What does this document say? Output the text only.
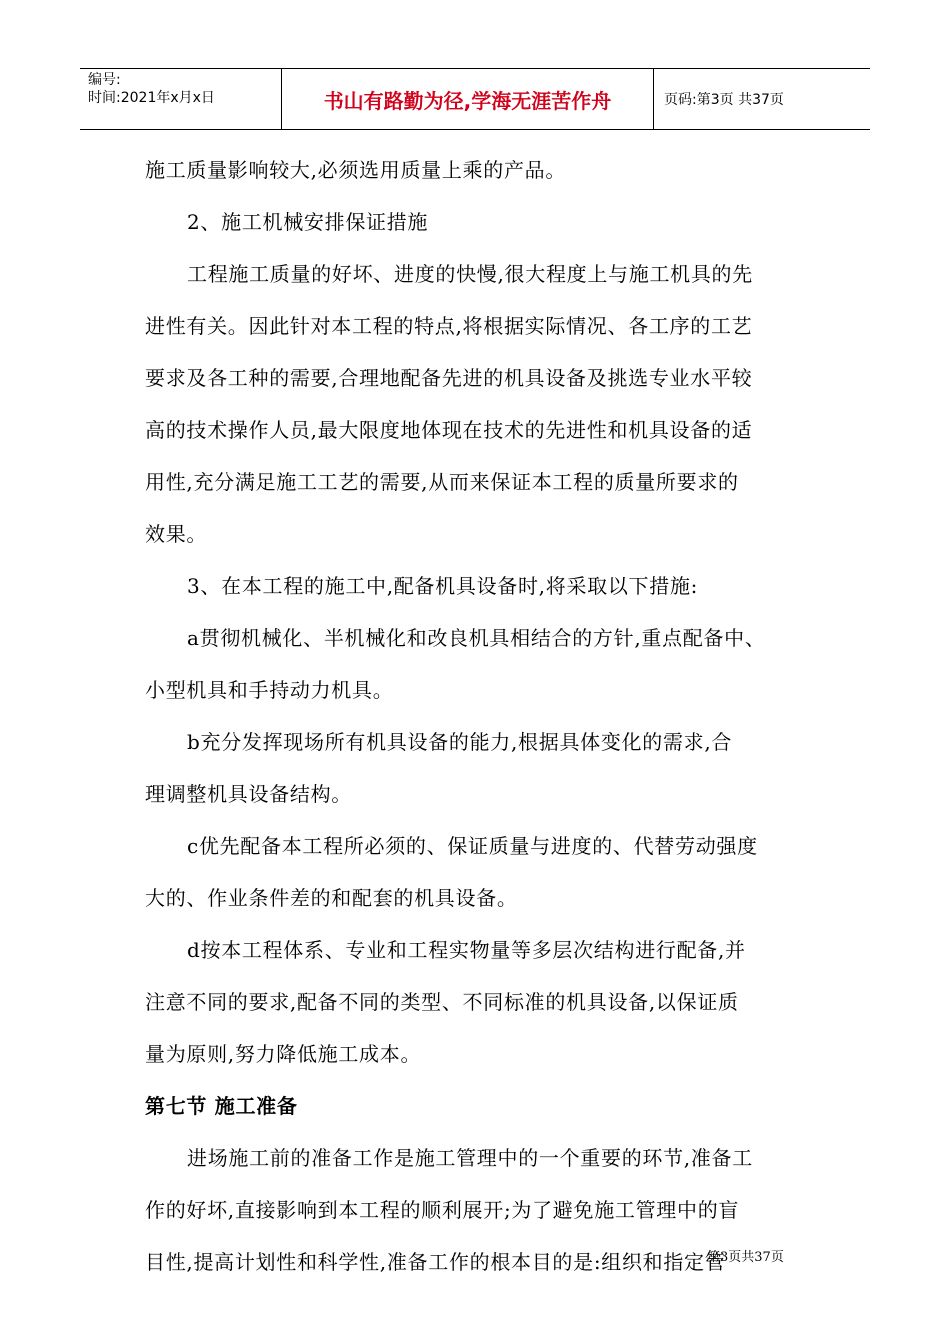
编号:
时间:2021年x月x日	书山有路勤为径,学海无涯苦作舟	页码:第3页 共37页
施工质量影响较大,必须选用质量上乘的产品。
2、施工机械安排保证措施
工程施工质量的好坏、进度的快慢,很大程度上与施工机具的先
进性有关。因此针对本工程的特点,将根据实际情况、各工序的工艺
要求及各工种的需要,合理地配备先进的机具设备及挑选专业水平较
高的技术操作人员,最大限度地体现在技术的先进性和机具设备的适
用性,充分满足施工工艺的需要,从而来保证本工程的质量所要求的
效果。
3、在本工程的施工中,配备机具设备时,将采取以下措施:
a贯彻机械化、半机械化和改良机具相结合的方针,重点配备中、
小型机具和手持动力机具。
b充分发挥现场所有机具设备的能力,根据具体变化的需求,合
理调整机具设备结构。
c优先配备本工程所必须的、保证质量与进度的、代替劳动强度
大的、作业条件差的和配套的机具设备。
d按本工程体系、专业和工程实物量等多层次结构进行配备,并
注意不同的要求,配备不同的类型、不同标准的机具设备,以保证质
量为原则,努力降低施工成本。
第七节 施工准备
进场施工前的准备工作是施工管理中的一个重要的环节,准备工
作的好坏,直接影响到本工程的顺利展开;为了避免施工管理中的盲
目性,提高计划性和科学性,准备工作的根本目的是:组织和指定管
第3页共37页
